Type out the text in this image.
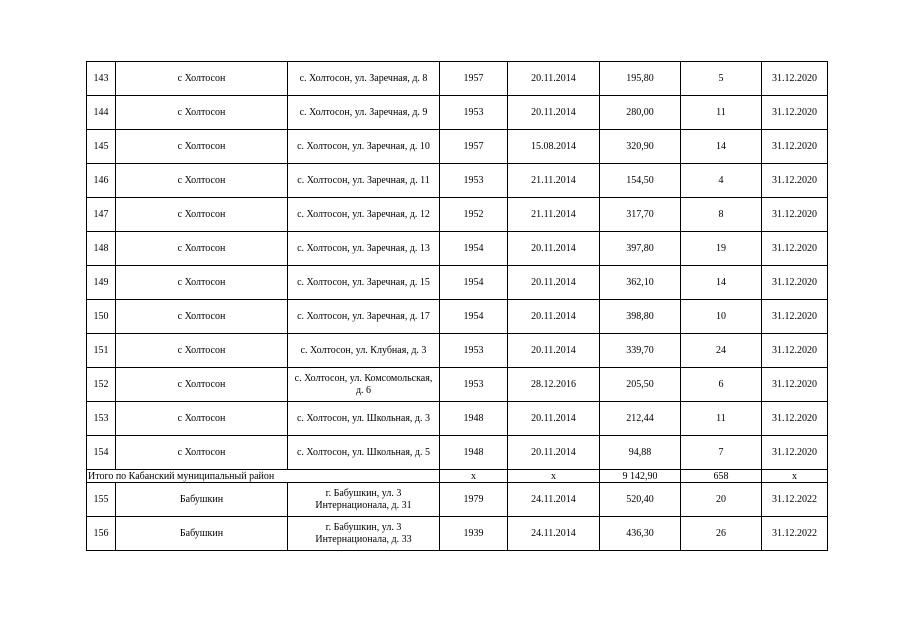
143	с Холтосон	с. Холтосон, ул. Заречная, д. 8	1957	20.11.2014	195,80	5	31.12.2020
144	с Холтосон	с. Холтосон, ул. Заречная, д. 9	1953	20.11.2014	280,00	11	31.12.2020
145	с Холтосон	с. Холтосон, ул. Заречная, д. 10	1957	15.08.2014	320,90	14	31.12.2020
146	с Холтосон	с. Холтосон, ул. Заречная, д. 11	1953	21.11.2014	154,50	4	31.12.2020
147	с Холтосон	с. Холтосон, ул. Заречная, д. 12	1952	21.11.2014	317,70	8	31.12.2020
148	с Холтосон	с. Холтосон, ул. Заречная, д. 13	1954	20.11.2014	397,80	19	31.12.2020
149	с Холтосон	с. Холтосон, ул. Заречная, д. 15	1954	20.11.2014	362,10	14	31.12.2020
150	с Холтосон	с. Холтосон, ул. Заречная, д. 17	1954	20.11.2014	398,80	10	31.12.2020
151	с Холтосон	с. Холтосон, ул. Клубная, д. 3	1953	20.11.2014	339,70	24	31.12.2020
152	с Холтосон	с. Холтосон, ул. Комсомольская, д. 6	1953	28.12.2016	205,50	6	31.12.2020
153	с Холтосон	с. Холтосон, ул. Школьная, д. 3	1948	20.11.2014	212,44	11	31.12.2020
154	с Холтосон	с. Холтосон, ул. Школьная, д. 5	1948	20.11.2014	94,88	7	31.12.2020
Итого по Кабанский муниципальный район			x	x	9 142,90	658	x
155	Бабушкин	г. Бабушкин, ул. 3 Интернационала, д. 31	1979	24.11.2014	520,40	20	31.12.2022
156	Бабушкин	г. Бабушкин, ул. 3 Интернационала, д. 33	1939	24.11.2014	436,30	26	31.12.2022
